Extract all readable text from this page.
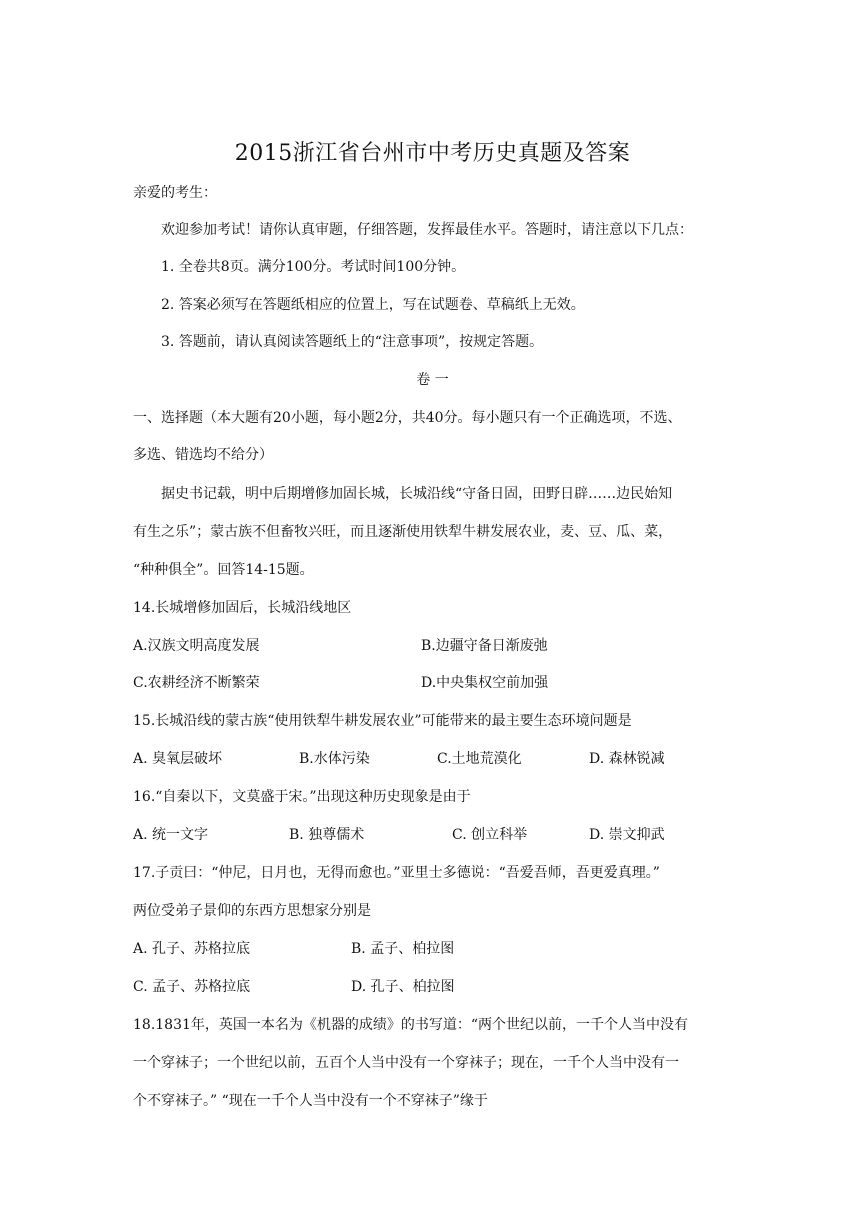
2015浙江省台州市中考历史真题及答案
亲爱的考生：
欢迎参加考试！请你认真审题，仔细答题，发挥最佳水平。答题时，请注意以下几点：
1. 全卷共8页。满分100分。考试时间100分钟。
2. 答案必须写在答题纸相应的位置上，写在试题卷、草稿纸上无效。
3. 答题前，请认真阅读答题纸上的“注意事项”，按规定答题。
卷 一
一、选择题（本大题有20小题，每小题2分，共40分。每小题只有一个正确选项，不选、
多选、错选均不给分）
据史书记载，明中后期增修加固长城，长城沿线“守备日固，田野日辟……边民始知
有生之乐”；蒙古族不但畜牧兴旺，而且逐渐使用铁犁牛耕发展农业，麦、豆、瓜、菜，
“种种俱全”。回答14-15题。
14.长城增修加固后，长城沿线地区
A.汉族文明高度发展	B.边疆守备日渐废弛
C.农耕经济不断繁荣	D.中央集权空前加强
15.长城沿线的蒙古族“使用铁犁牛耕发展农业”可能带来的最主要生态环境问题是
A. 臭氧层破坏	B.水体污染	C.土地荒漠化	D. 森林锐减
16.“自秦以下，文莫盛于宋。”出现这种历史现象是由于
A. 统一文字	B. 独尊儒术	C. 创立科举	D. 崇文抑武
17.子贡曰：“仲尼，日月也，无得而愈也。”亚里士多德说：“吾爱吾师，吾更爱真理。”
两位受弟子景仰的东西方思想家分别是
A. 孔子、苏格拉底	B. 孟子、柏拉图
C. 孟子、苏格拉底	D. 孔子、柏拉图
18.1831年，英国一本名为《机器的成绩》的书写道：“两个世纪以前，一千个人当中没有
一个穿袜子；一个世纪以前，五百个人当中没有一个穿袜子；现在，一千个人当中没有一
个不穿袜子。” “现在一千个人当中没有一个不穿袜子”缘于
